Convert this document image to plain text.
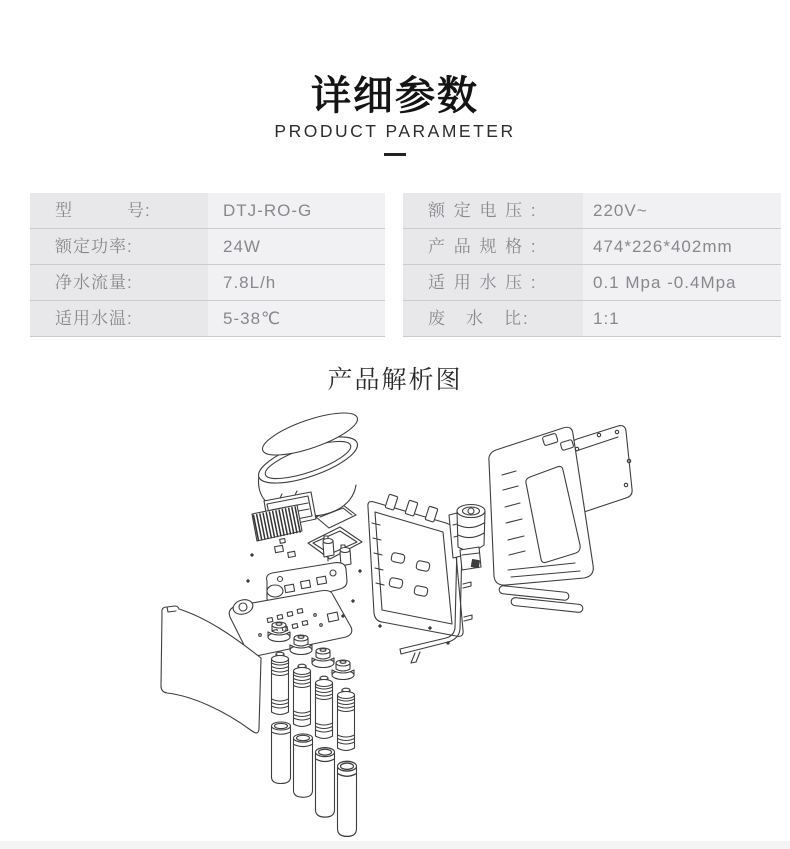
详细参数
PRODUCT PARAMETER
型　　　号:	DTJ-RO-G
额定功率:	24W
净水流量:	7.8L/h
适用水温:	5-38℃
额 定 电 压 :	220V~
产 品 规 格 :	474*226*402mm
适 用 水 压 :	0.1 Mpa -0.4Mpa
废　水　比:	1:1
产品解析图
